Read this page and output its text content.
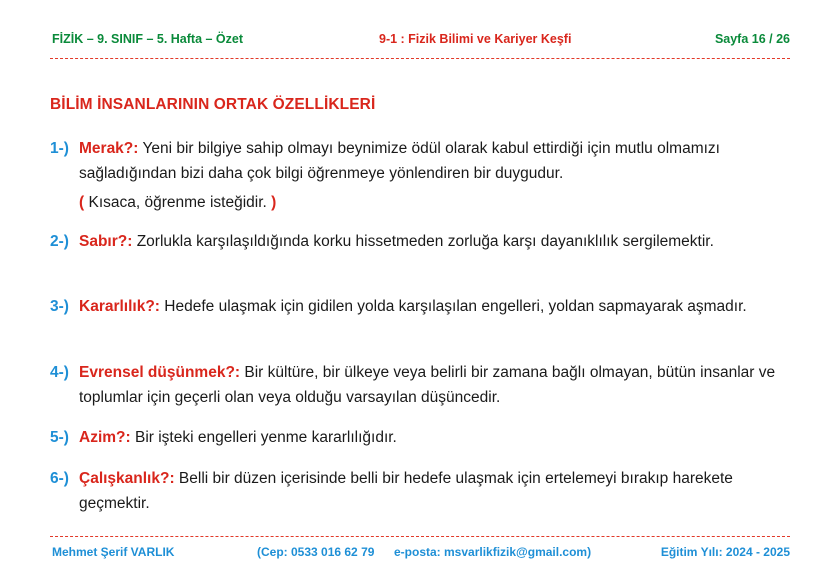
FİZİK – 9. SINIF – 5. Hafta – Özet	9-1 : Fizik Bilimi ve Kariyer Keşfi	Sayfa 16 / 26
BİLİM İNSANLARININ ORTAK ÖZELLİKLERİ
1-) Merak?: Yeni bir bilgiye sahip olmayı beynimize ödül olarak kabul ettirdiği için mutlu olmamızı sağladığından bizi daha çok bilgi öğrenmeye yönlendiren bir duygudur.
( Kısaca, öğrenme isteğidir. )
2-) Sabır?: Zorlukla karşılaşıldığında korku hissetmeden zorluğa karşı dayanıklılık sergilemektir.
3-) Kararlılık?: Hedefe ulaşmak için gidilen yolda karşılaşılan engelleri, yoldan sapmayarak aşmadır.
4-) Evrensel düşünmek?: Bir kültüre, bir ülkeye veya belirli bir zamana bağlı olmayan, bütün insanlar ve toplumlar için geçerli olan veya olduğu varsayılan düşüncedir.
5-) Azim?: Bir işteki engelleri yenme kararlılığıdır.
6-) Çalışkanlık?: Belli bir düzen içerisinde belli bir hedefe ulaşmak için ertelemeyi bırakıp harekete geçmektir.
Mehmet Şerif VARLIK	(Cep: 0533 016 62 79 e-posta: msvarlikfizik@gmail.com)	Eğitim Yılı: 2024 - 2025
